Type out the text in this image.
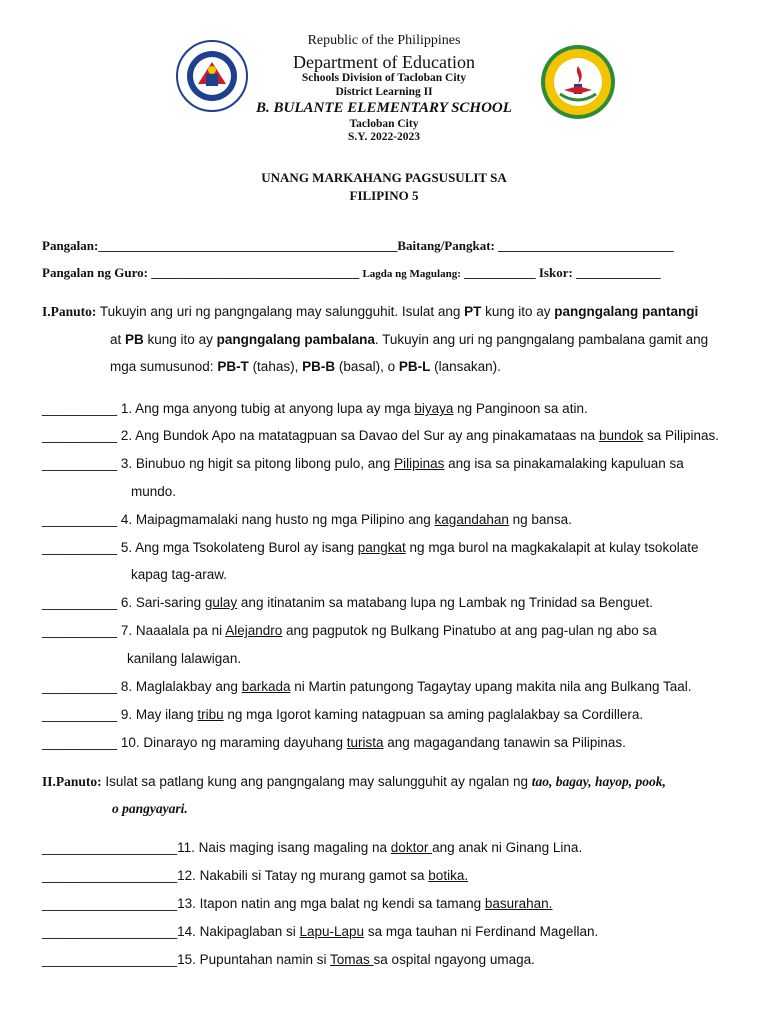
Republic of the Philippines
Department of Education
Schools Division of Tacloban City
District Learning II
B. BULANTE ELEMENTARY SCHOOL
Tacloban City
S.Y. 2022-2023
UNANG MARKAHANG PAGSUSULIT SA
FILIPINO 5
Pangalan:______________________________________________Baitang/Pangkat: ___________________________
Pangalan ng Guro: ________________________________ Lagda ng Magulang: ___________ Iskor: _____________
I.Panuto: Tukuyin ang uri ng pangngalang may salungguhit. Isulat ang PT kung ito ay pangngalang pantangi
at PB kung ito ay pangngalang pambalana. Tukuyin ang uri ng pangngalang pambalana gamit ang
mga sumusunod: PB-T (tahas), PB-B (basal), o PB-L (lansakan).
__________ 1. Ang mga anyong tubig at anyong lupa ay mga biyaya ng Panginoon sa atin.
__________ 2. Ang Bundok Apo na matatagpuan sa Davao del Sur ay ang pinakamataas na bundok sa Pilipinas.
__________ 3. Binubuo ng higit sa pitong libong pulo, ang Pilipinas ang isa sa pinakamalaking kapuluan sa
mundo.
__________ 4. Maipagmamalaki nang husto ng mga Pilipino ang kagandahan ng bansa.
__________ 5. Ang mga Tsokolateng Burol ay isang pangkat ng mga burol na magkakalapit at kulay tsokolate
kapag tag-araw.
__________ 6. Sari-saring gulay ang itinatanim sa matabang lupa ng Lambak ng Trinidad sa Benguet.
__________ 7. Naaalala pa ni Alejandro ang pagputok ng Bulkang Pinatubo at ang pag-ulan ng abo sa
kanilang lalawigan.
__________ 8. Maglalakbay ang barkada ni Martin patungong Tagaytay upang makita nila ang Bulkang Taal.
__________ 9. May ilang tribu ng mga Igorot kaming natagpuan sa aming paglalakbay sa Cordillera.
__________ 10. Dinarayo ng maraming dayuhang turista ang magagandang tanawin sa Pilipinas.
II.Panuto: Isulat sa patlang kung ang pangngalang may salungguhit ay ngalan ng tao, bagay, hayop, pook,
o pangyayari.
__________________11. Nais maging isang magaling na doktor ang anak ni Ginang Lina.
__________________12. Nakabili si Tatay ng murang gamot sa botika.
__________________13. Itapon natin ang mga balat ng kendi sa tamang basurahan.
__________________14. Nakipaglaban si Lapu-Lapu sa mga tauhan ni Ferdinand Magellan.
__________________15. Pupuntahan namin si Tomas sa ospital ngayong umaga.
